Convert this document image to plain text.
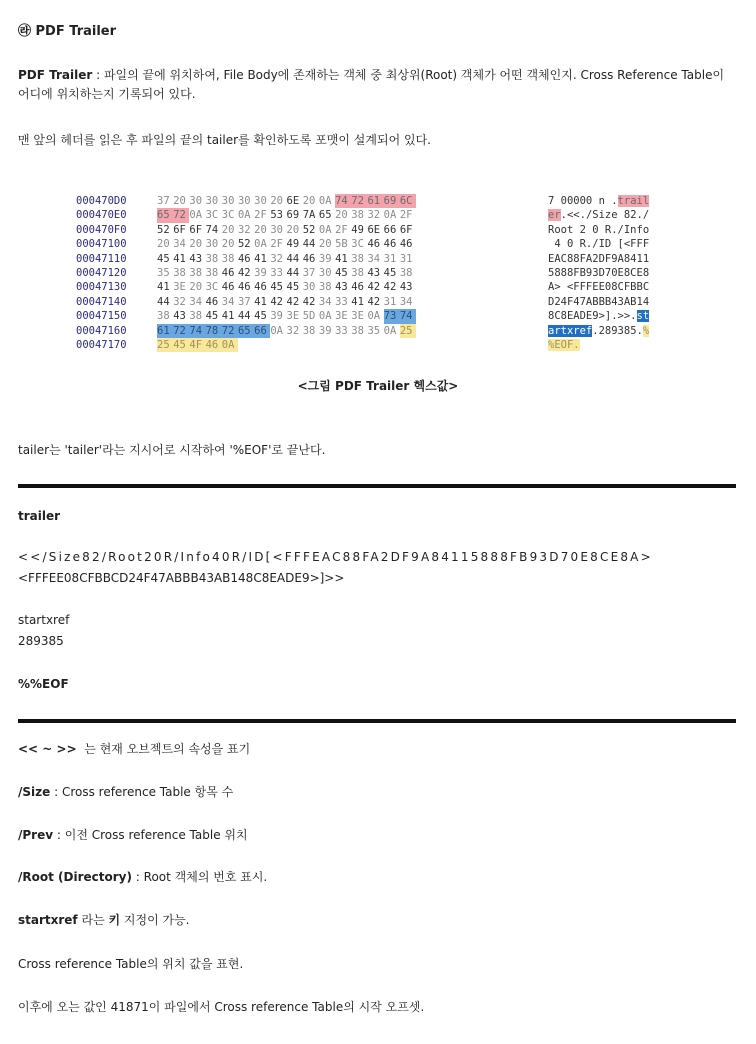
㉱ PDF Trailer
PDF Trailer : 파일의 끝에 위치하여, File Body에 존재하는 객체 중 최상위(Root) 객체가 어떤 객체인지. Cross Reference Table이 어디에 위치하는지 기록되어 있다.
맨 앞의 헤더를 읽은 후 파일의 끝의 tailer를 확인하도록 포맷이 설계되어 있다.
000470D0	37 20 30 30 30 30 30 20 6E 20 0A 74 72 61 69 6C	7 00000 n .trail
000470E0	65 72 0A 3C 3C 0A 2F 53 69 7A 65 20 38 32 0A 2F	er.<<./Size 82./
000470F0	52 6F 6F 74 20 32 20 30 20 52 0A 2F 49 6E 66 6F	Root 2 0 R./Info
00047100	20 34 20 30 20 52 0A 2F 49 44 20 5B 3C 46 46 46	4 0 R./ID [<FFF
00047110	45 41 43 38 38 46 41 32 44 46 39 41 38 34 31 31	EAC88FA2DF9A8411
00047120	35 38 38 38 46 42 39 33 44 37 30 45 38 43 45 38	5888FB93D70E8CE8
00047130	41 3E 20 3C 46 46 46 45 45 30 38 43 46 42 42 43	A> <FFFEE08CFBBC
00047140	44 32 34 46 34 37 41 42 42 42 34 33 41 42 31 34	D24F47ABBB43AB14
00047150	38 43 38 45 41 44 45 39 3E 5D 0A 3E 3E 0A 73 74	8C8EADE9>].>>.st
00047160	61 72 74 78 72 65 66 0A 32 38 39 33 38 35 0A 25	artxref.289385.%
00047170	25 45 4F 46 0A	%EOF.
<그림 PDF Trailer 헥스값>
tailer는 'tailer'라는 지시어로 시작하여 '%EOF'로 끝난다.
trailer
<</Size82/Root20R/Info40R/ID[<FFFEAC88FA2DF9A84115888FB93D70E8CE8A>
<FFFEE08CFBBCD24F47ABBB43AB148C8EADE9>]>>
startxref
289385
%%EOF
<< ~ >> 는 현재 오브젝트의 속성을 표기
/Size : Cross reference Table 항목 수
/Prev : 이전 Cross reference Table 위치
/Root (Directory) : Root 객체의 번호 표시.
startxref 라는 키 지정이 가능.
Cross reference Table의 위치 값을 표현.
이후에 오는 값인 41871이 파일에서 Cross reference Table의 시작 오프셋.
